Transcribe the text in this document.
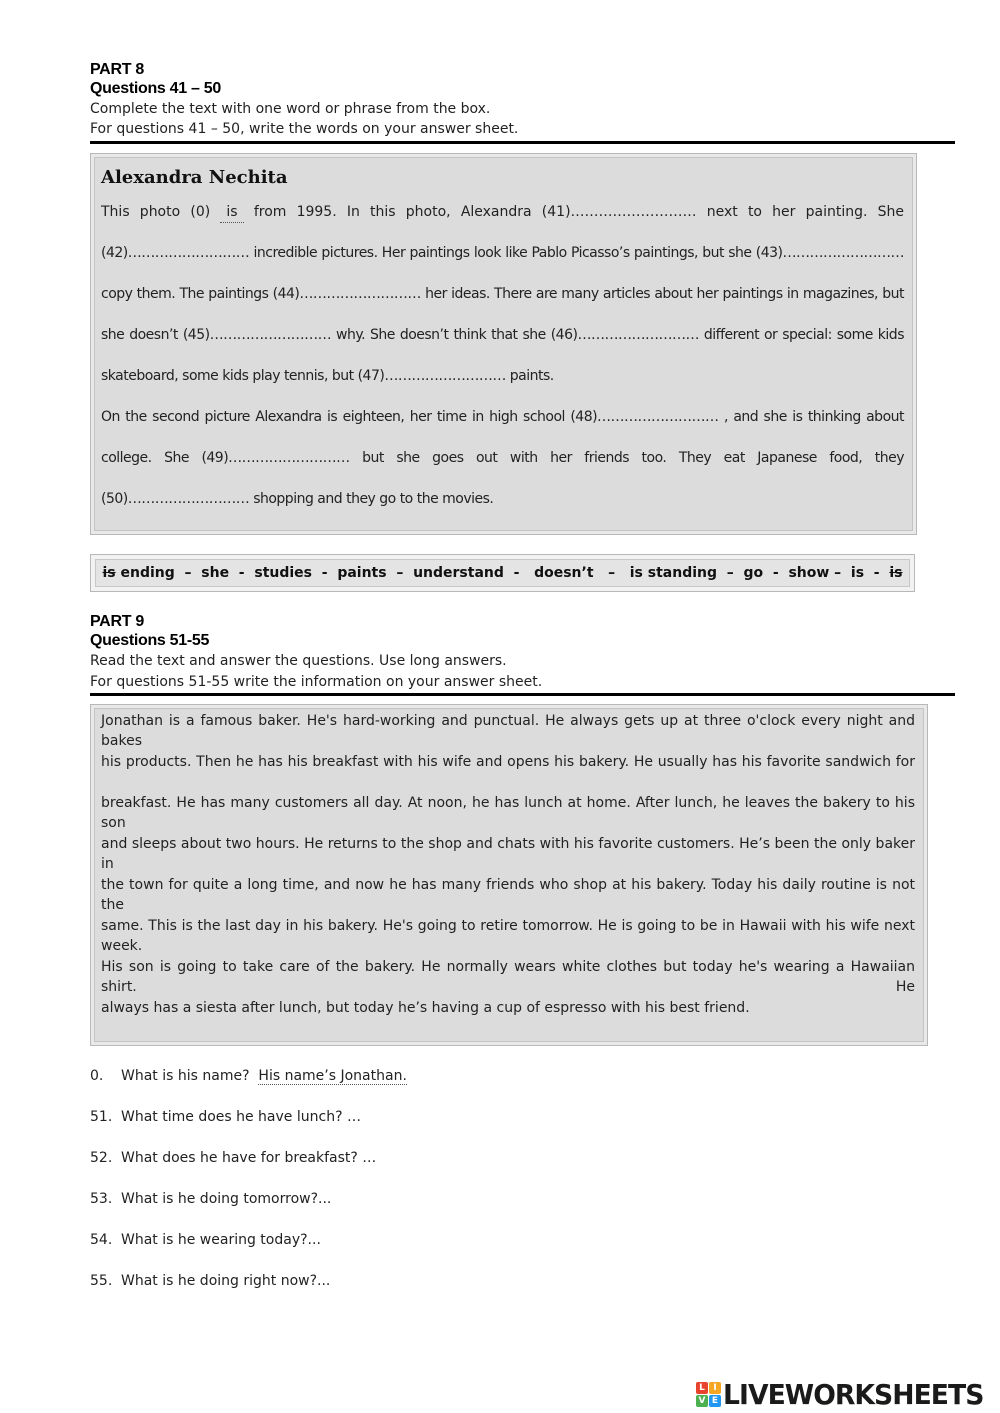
PART 8
Questions 41 – 50
Complete the text with one word or phrase from the box.
For questions 41 – 50, write the words on your answer sheet.
Alexandra Nechita
This photo (0) is from 1995. In this photo, Alexandra (41)……………………… next to her painting. She
(42)……………………… incredible pictures. Her paintings look like Pablo Picasso’s paintings, but she (43)………………………
copy them. The paintings (44)……………………… her ideas. There are many articles about her paintings in magazines, but
she doesn’t (45)……………………… why. She doesn’t think that she (46)……………………… different or special: some kids
skateboard, some kids play tennis, but (47)……………………… paints.
On the second picture Alexandra is eighteen, her time in high school (48)……………………… , and she is thinking about
college. She (49)……………………… but she goes out with her friends too. They eat Japanese food, they
(50)……………………… shopping and they go to the movies.
is ending  –  she  -  studies  -  paints  –  understand  -   doesn’t   –   is standing  –  go  -  show –  is  - is
PART 9
Questions 51-55
Read the text and answer the questions. Use long answers.
For questions 51-55 write the information on your answer sheet.
Jonathan is a famous baker. He's hard-working and punctual. He always gets up at three o'clock every night and bakes
his products. Then he has his breakfast with his wife and opens his bakery. He usually has his favorite sandwich for
breakfast. He has many customers all day. At noon, he has lunch at home. After lunch, he leaves the bakery to his son
and sleeps about two hours. He returns to the shop and chats with his favorite customers. He’s been the only baker in
the town for quite a long time, and now he has many friends who shop at his bakery. Today his daily routine is not the
same. This is the last day in his bakery. He's going to retire tomorrow. He is going to be in Hawaii with his wife next week.
His son is going to take care of the bakery. He normally wears white clothes but today he's wearing a Hawaiian shirt. He
always has a siesta after lunch, but today he’s having a cup of espresso with his best friend.
0. What is his name? His name’s Jonathan.
51. What time does he have lunch? …
52. What does he have for breakfast? …
53. What is he doing tomorrow?...
54. What is he wearing today?...
55. What is he doing right now?...
L I
V E LIVEWORKSHEETS
